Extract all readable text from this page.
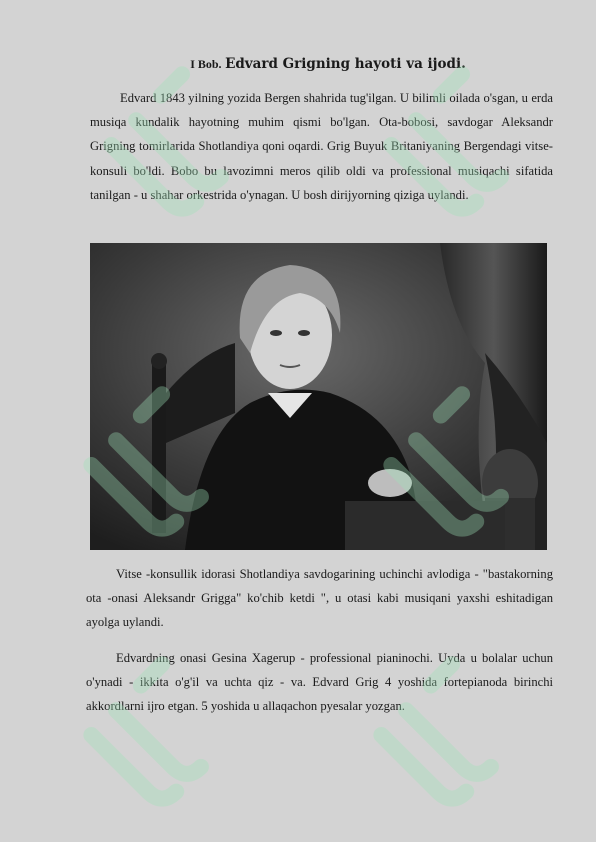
I Bob. Edvard Grigning hayoti va ijodi.

Edvard 1843 yilning yozida Bergen shahrida tug'ilgan. U bilimli oilada o'sgan, u erda musiqa kundalik hayotning muhim qismi bo'lgan. Ota-bobosi, savdogar Aleksandr Grigning tomirlarida Shotlandiya qoni oqardi. Grig Buyuk Britaniyaning Bergendagi vitse-konsuli bo'ldi. Bobo bu lavozimni meros qilib oldi va professional musiqachi sifatida tanilgan - u shahar orkestrida o'ynagan. U bosh dirijyorning qiziga uylandi.

Vitse -konsullik idorasi Shotlandiya savdogarining uchinchi avlodiga - "bastakorning ota -onasi Aleksandr Grigga" ko'chib ketdi ", u otasi kabi musiqani yaxshi eshitadigan ayolga uylandi.

Edvardning onasi Gesina Xagerup - professional pianinochi. Uyda u bolalar uchun o'ynadi - ikkita o'g'il va uchta qiz - va. Edvard Grig 4 yoshida fortepianoda birinchi akkordlarni ijro etgan. 5 yoshida u allaqachon pyesalar yozgan.
